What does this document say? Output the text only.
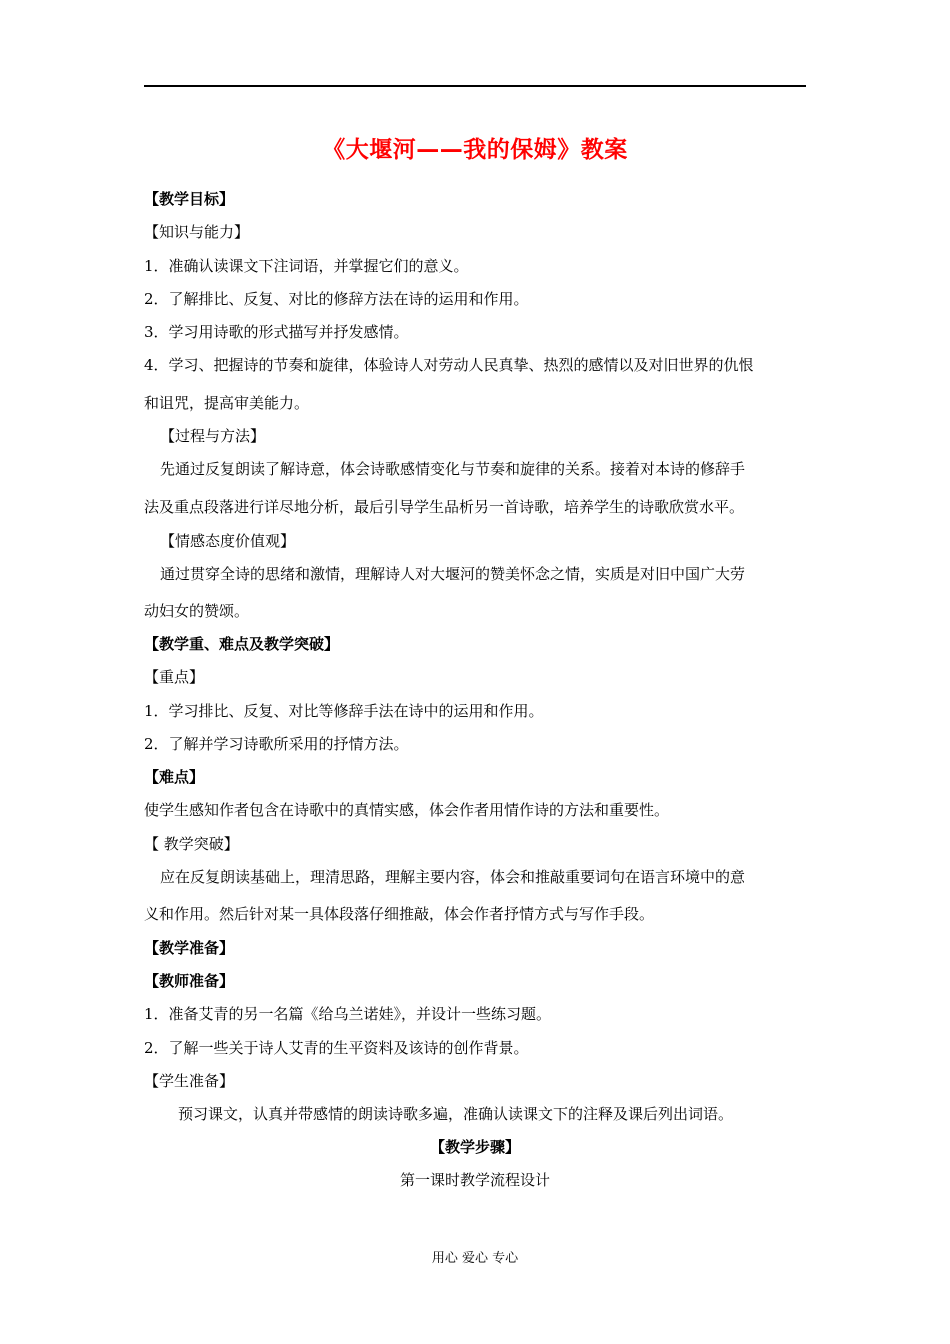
《大堰河——我的保姆》教案
【教学目标】
【知识与能力】
1．准确认读课文下注词语，并掌握它们的意义。
2．了解排比、反复、对比的修辞方法在诗的运用和作用。
3．学习用诗歌的形式描写并抒发感情。
4．学习、把握诗的节奏和旋律，体验诗人对劳动人民真挚、热烈的感情以及对旧世界的仇恨
和诅咒，提高审美能力。
【过程与方法】
先通过反复朗读了解诗意，体会诗歌感情变化与节奏和旋律的关系。接着对本诗的修辞手
法及重点段落进行详尽地分析，最后引导学生品析另一首诗歌，培养学生的诗歌欣赏水平。
【情感态度价值观】
通过贯穿全诗的思绪和激情，理解诗人对大堰河的赞美怀念之情，实质是对旧中国广大劳
动妇女的赞颂。
【教学重、难点及教学突破】
【重点】
1．学习排比、反复、对比等修辞手法在诗中的运用和作用。
2．了解并学习诗歌所采用的抒情方法。
【难点】
使学生感知作者包含在诗歌中的真情实感，体会作者用情作诗的方法和重要性。
【 教学突破】
应在反复朗读基础上，理清思路，理解主要内容，体会和推敲重要词句在语言环境中的意
义和作用。然后针对某一具体段落仔细推敲，体会作者抒情方式与写作手段。
【教学准备】
【教师准备】
1．准备艾青的另一名篇《给乌兰诺娃》，并设计一些练习题。
2．了解一些关于诗人艾青的生平资料及该诗的创作背景。
【学生准备】
预习课文，认真并带感情的朗读诗歌多遍，准确认读课文下的注释及课后列出词语。
【教学步骤】
第一课时教学流程设计
用心 爱心 专心
